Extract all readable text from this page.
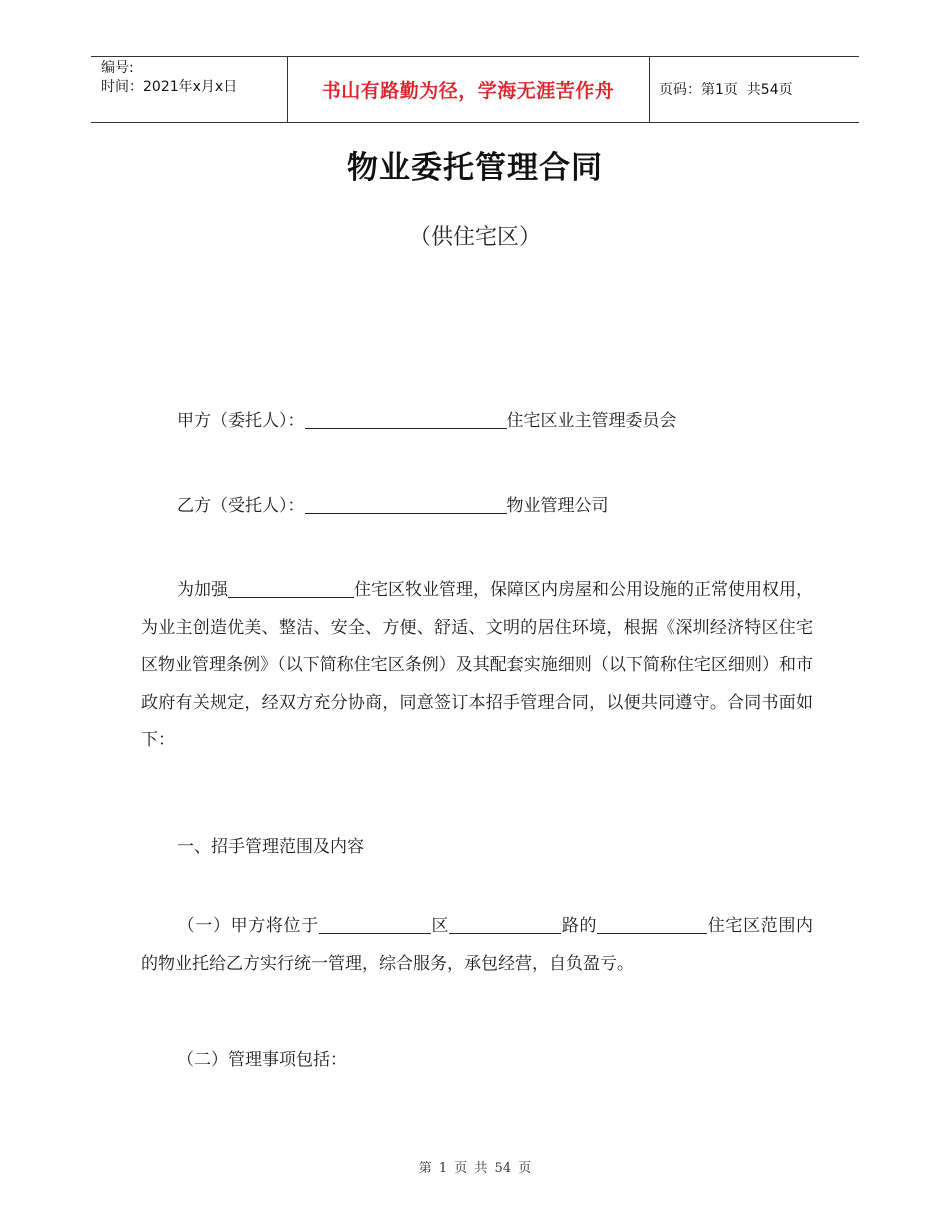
编号:
时间：2021年x月x日	书山有路勤为径，学海无涯苦作舟	页码：第1页  共54页
物业委托管理合同
（供住宅区）
甲方（委托人）：	住宅区业主管理委员会
乙方（受托人）：	物业管理公司
为加强	住宅区牧业管理，保障区内房屋和公用设施的正常使用权用，为业主创造优美、整洁、安全、方便、舒适、文明的居住环境，根据《深圳经济特区住宅区物业管理条例》（以下简称住宅区条例）及其配套实施细则（以下简称住宅区细则）和市政府有关规定，经双方充分协商，同意签订本招手管理合同，以便共同遵守。合同书面如下：
一、招手管理范围及内容
（一）甲方将位于	区	路的	住宅区范围内的物业托给乙方实行统一管理，综合服务，承包经营，自负盈亏。
（二）管理事项包括：
第 1 页 共 54 页
